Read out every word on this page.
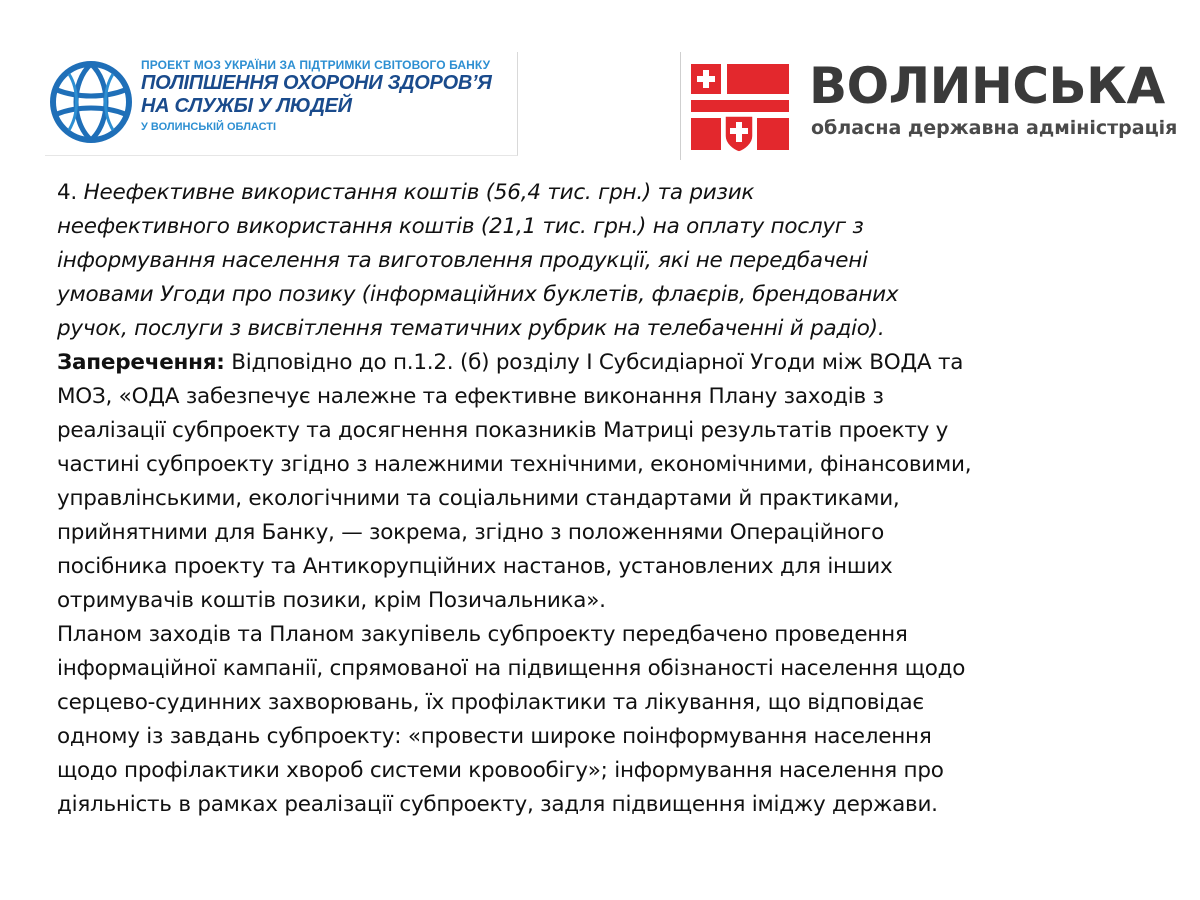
ПРОЕКТ МОЗ УКРАЇНИ ЗА ПІДТРИМКИ СВІТОВОГО БАНКУ
ПОЛІПШЕННЯ ОХОРОНИ ЗДОРОВ’Я
НА СЛУЖБІ У ЛЮДЕЙ
У ВОЛИНСЬКІЙ ОБЛАСТІ
ВОЛИНСЬКА
обласна державна адміністрація
4. Неефективне використання коштів (56,4 тис. грн.) та ризик
неефективного використання коштів (21,1 тис. грн.) на оплату послуг з
інформування населення та виготовлення продукції, які не передбачені
умовами Угоди про позику (інформаційних буклетів, флаєрів, брендованих
ручок, послуги з висвітлення тематичних рубрик на телебаченні й радіо).
Заперечення: Відповідно до п.1.2. (б) розділу І Субсидіарної Угоди між ВОДА та
МОЗ, «ОДА забезпечує належне та ефективне виконання Плану заходів з
реалізації субпроекту та досягнення показників Матриці результатів проекту у
частині субпроекту згідно з належними технічними, економічними, фінансовими,
управлінськими, екологічними та соціальними стандартами й практиками,
прийнятними для Банку, — зокрема, згідно з положеннями Операційного
посібника проекту та Антикорупційних настанов, установлених для інших
отримувачів коштів позики, крім Позичальника».
Планом заходів та Планом закупівель субпроекту передбачено проведення
інформаційної кампанії, спрямованої на підвищення обізнаності населення щодо
серцево-судинних захворювань, їх профілактики та лікування, що відповідає
одному із завдань субпроекту: «провести широке поінформування населення
щодо профілактики хвороб системи кровообігу»; інформування населення про
діяльність в рамках реалізації субпроекту, задля підвищення іміджу держави.
